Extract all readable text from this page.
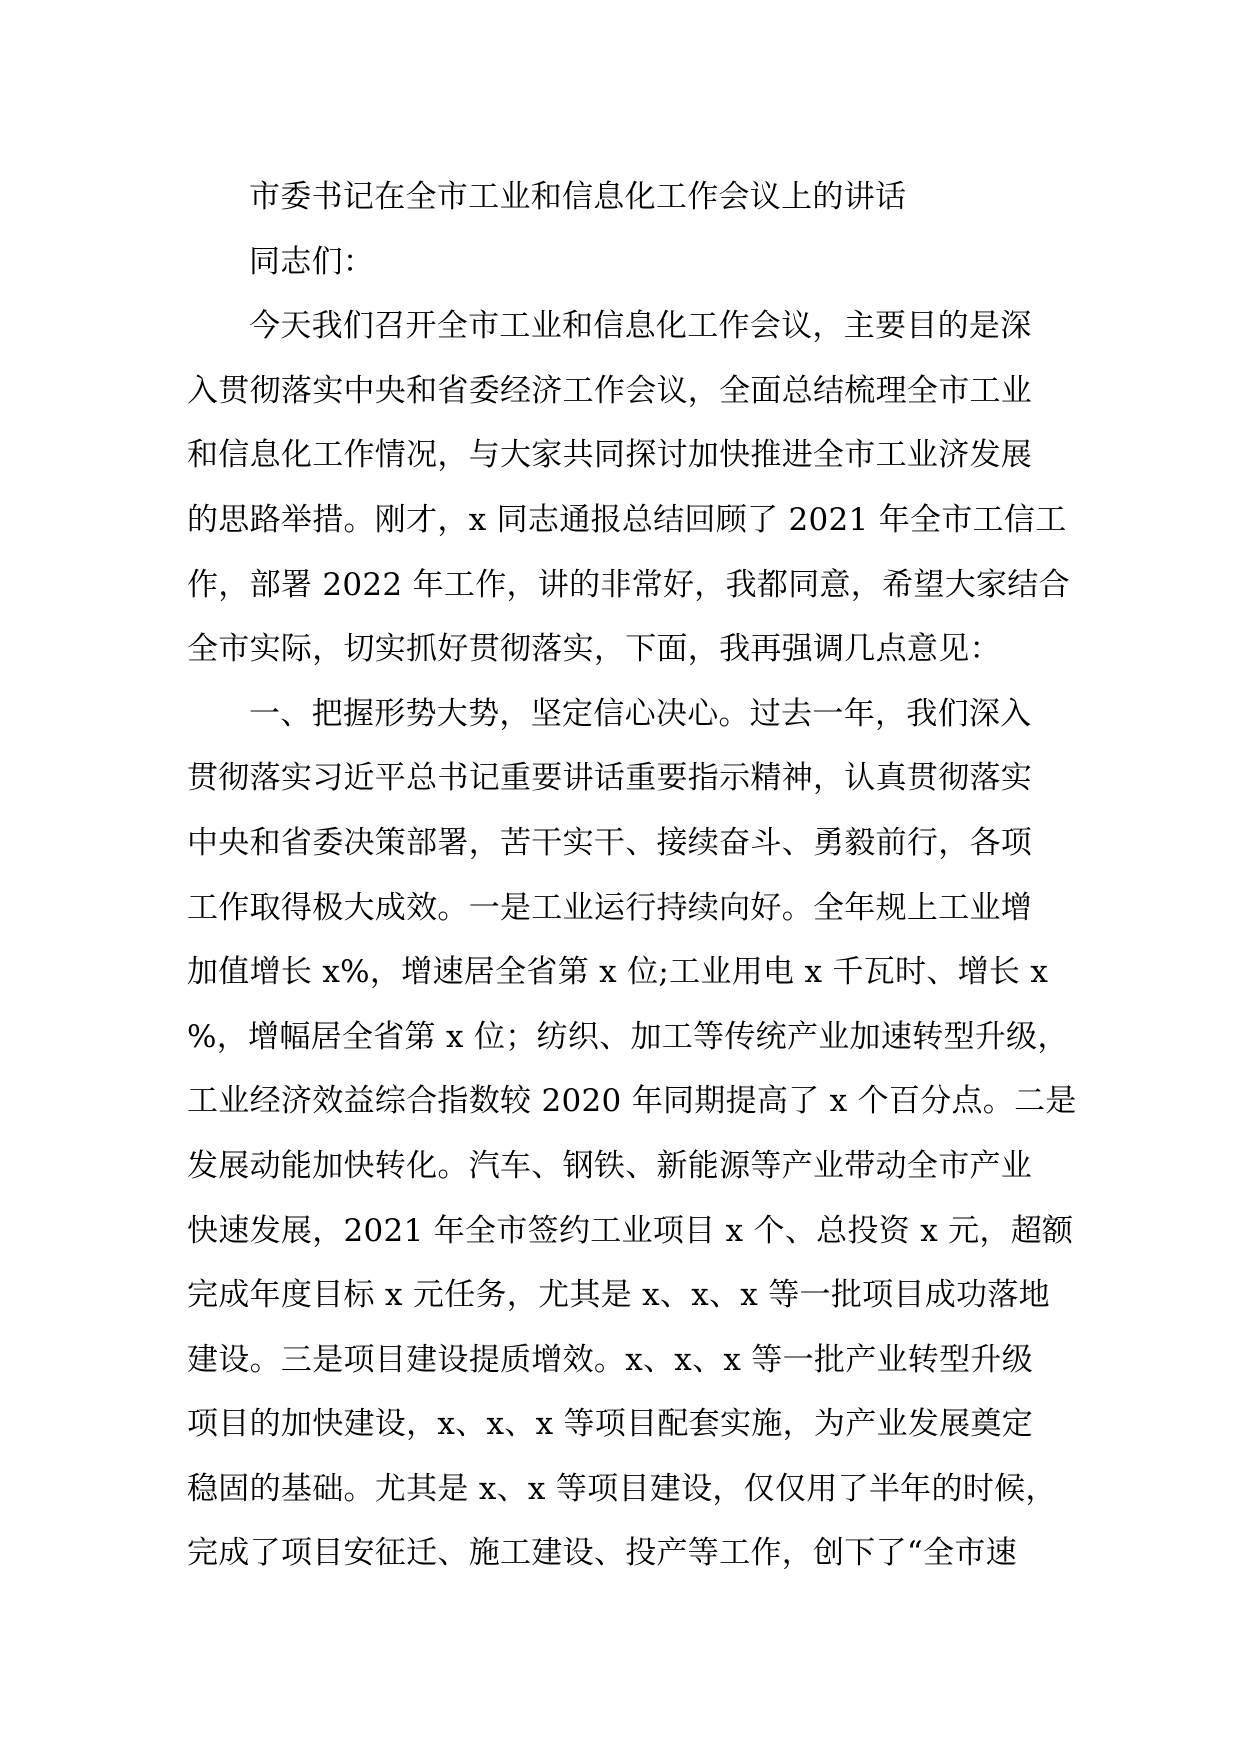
市委书记在全市工业和信息化工作会议上的讲话
同志们：
今天我们召开全市工业和信息化工作会议，主要目的是深
入贯彻落实中央和省委经济工作会议，全面总结梳理全市工业
和信息化工作情况，与大家共同探讨加快推进全市工业济发展
的思路举措。刚才，x 同志通报总结回顾了 2021 年全市工信工
作，部署 2022 年工作，讲的非常好，我都同意，希望大家结合
全市实际，切实抓好贯彻落实，下面，我再强调几点意见：
一、把握形势大势，坚定信心决心。过去一年，我们深入
贯彻落实习近平总书记重要讲话重要指示精神，认真贯彻落实
中央和省委决策部署，苦干实干、接续奋斗、勇毅前行，各项
工作取得极大成效。一是工业运行持续向好。全年规上工业增
加值增长 x%，增速居全省第 x 位;工业用电 x 千瓦时、增长 x
%，增幅居全省第 x 位；纺织、加工等传统产业加速转型升级，
工业经济效益综合指数较 2020 年同期提高了 x 个百分点。二是
发展动能加快转化。汽车、钢铁、新能源等产业带动全市产业
快速发展，2021 年全市签约工业项目 x 个、总投资 x 元，超额
完成年度目标 x 元任务，尤其是 x、x、x 等一批项目成功落地
建设。三是项目建设提质增效。x、x、x 等一批产业转型升级
项目的加快建设，x、x、x 等项目配套实施，为产业发展奠定
稳固的基础。尤其是 x、x 等项目建设，仅仅用了半年的时候，
完成了项目安征迁、施工建设、投产等工作，创下了“全市速
